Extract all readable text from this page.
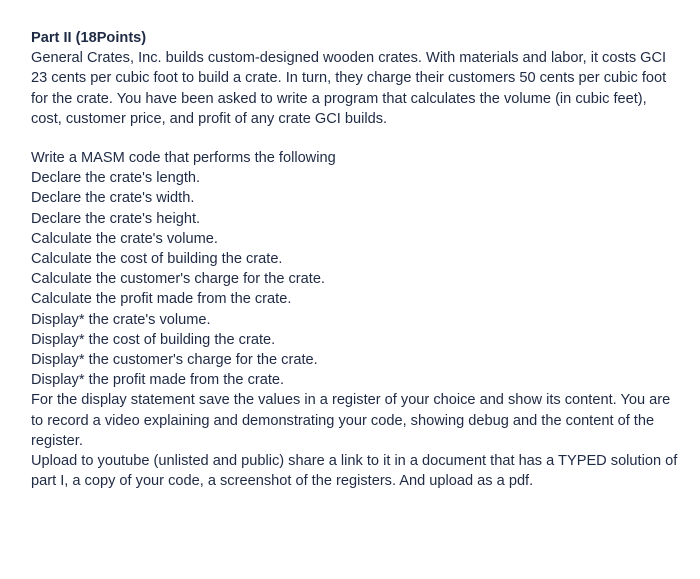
Part II (18Points)

General Crates, Inc. builds custom-designed wooden crates. With materials and labor, it costs GCI 23 cents per cubic foot to build a crate. In turn, they charge their customers 50 cents per cubic foot for the crate. You have been asked to write a program that calculates the volume (in cubic feet), cost, customer price, and profit of any crate GCI builds.

Write a MASM code that performs the following

Declare the crate's length.

Declare the crate's width.

Declare the crate's height.

Calculate the crate's volume.

Calculate the cost of building the crate.

Calculate the customer's charge for the crate.

Calculate the profit made from the crate.

Display* the crate's volume.

Display* the cost of building the crate.

Display* the customer's charge for the crate.

Display* the profit made from the crate.

For the display statement save the values in a register of your choice and show its content. You are to record a video explaining and demonstrating your code, showing debug and the content of the register.

Upload to youtube (unlisted and public) share a link to it in a document that has a TYPED solution of part I, a copy of your code, a screenshot of the registers. And upload as a pdf.
